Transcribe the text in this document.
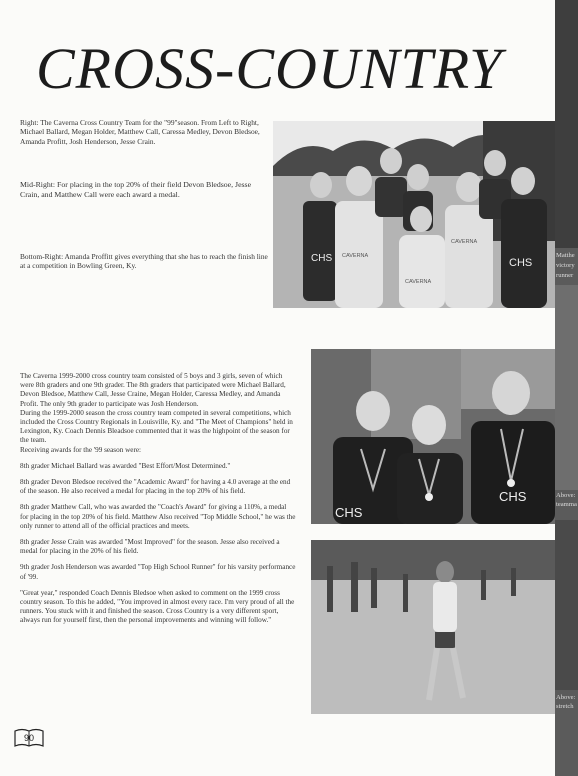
CROSS-COUNTRY
Right: The Caverna Cross Country Team for the "99"season. From Left to Right, Michael Ballard, Megan Holder, Matthew Call, Caressa Medley, Devon Bledsoe, Amanda Profitt, Josh Henderson, Jesse Crain.
Mid-Right: For placing in the top 20% of their field Devon Bledsoe, Jesse Crain, and Matthew Call were each award a medal.
Bottom-Right: Amanda Proffitt gives everything that she has to reach the finish line at a competition in Bowling Green, Ky.
CHS CAVERNA
CAVERNA
CAVERNA
CHS
CHS
CHS

The Caverna 1999-2000 cross country team consisted of 5 boys and 3 girls, seven of which were 8th graders and one 9th grader. The 8th graders that participated were Michael Ballard, Devon Bledsoe, Matthew Call, Jesse Craine, Megan Holder, Caressa Medley, and Amanda Profit. The only 9th grader to participate was Josh Henderson.

During the 1999-2000 season the cross country team competed in several competitions, which included the Cross Country Regionals in Louisville, Ky. and "The Meet of Champions" held in Lexington, Ky. Coach Dennis Bleadsoe commented that it was the highpoint of the season for the team.

Receiving awards for the '99 season were:

8th grader Michael Ballard was awarded "Best Effort/Most Determined."

8th grader Devon Bledsoe received the "Academic Award" for having a 4.0 average at the end of the season. He also received a medal for placing in the top 20% of his field.

8th grader Matthew Call, who was awarded the "Coach's Award" for giving a 110%, a medal for placing in the top 20% of his field. Matthew Also received "Top Middle School," he was the only runner to attend all of the official practices and meets.

8th grader Jesse Crain was awarded "Most Improved" for the season. Jesse also received a medal for placing in the 20% of his field.

9th grader Josh Henderson was awarded "Top High School Runner" for his varsity performance of '99.

"Great year," responded Coach Dennis Bledsoe when asked to comment on the 1999 cross country season. To this he added, "You improved in almost every race. I'm very proud of all the runners. You stuck with it and finished the season. Cross Country is a very different sport, always run for yourself first, then the personal improvements and winning will follow."

Matthe
victory
runner
Above:
teamma
Above:
stretch
90
